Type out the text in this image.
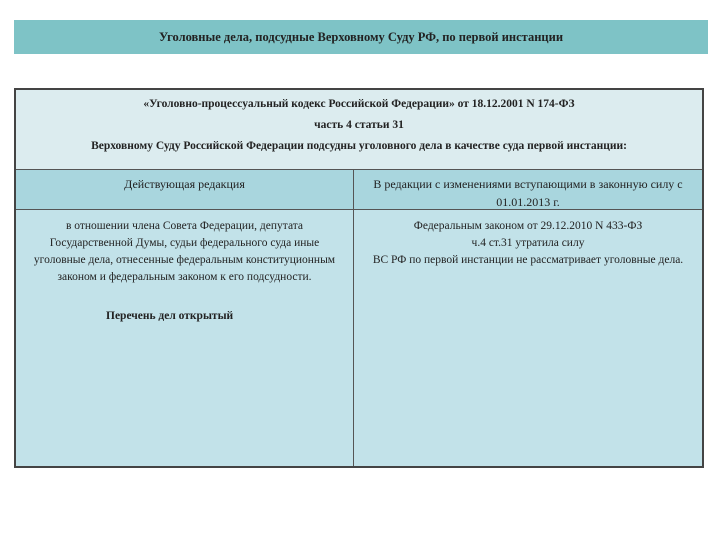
Уголовные дела, подсудные Верховному Суду РФ, по первой инстанции
«Уголовно-процессуальный кодекс Российской Федерации» от 18.12.2001 N 174-ФЗ
часть 4 статьи 31
Верховному Суду Российской Федерации подсудны уголовного дела в качестве суда первой инстанции:
Действующая редакция	В редакции с изменениями вступающими в законную силу с 01.01.2013 г.
в отношении члена Совета Федерации, депутата Государственной Думы, судьи федерального суда иные уголовные дела, отнесенные федеральным конституционным законом и федеральным законом к его подсудности.
Перечень дел открытый
Федеральным законом от 29.12.2010 N 433-ФЗ
ч.4 ст.31 утратила силу
ВС РФ по первой инстанции не рассматривает уголовные дела.
